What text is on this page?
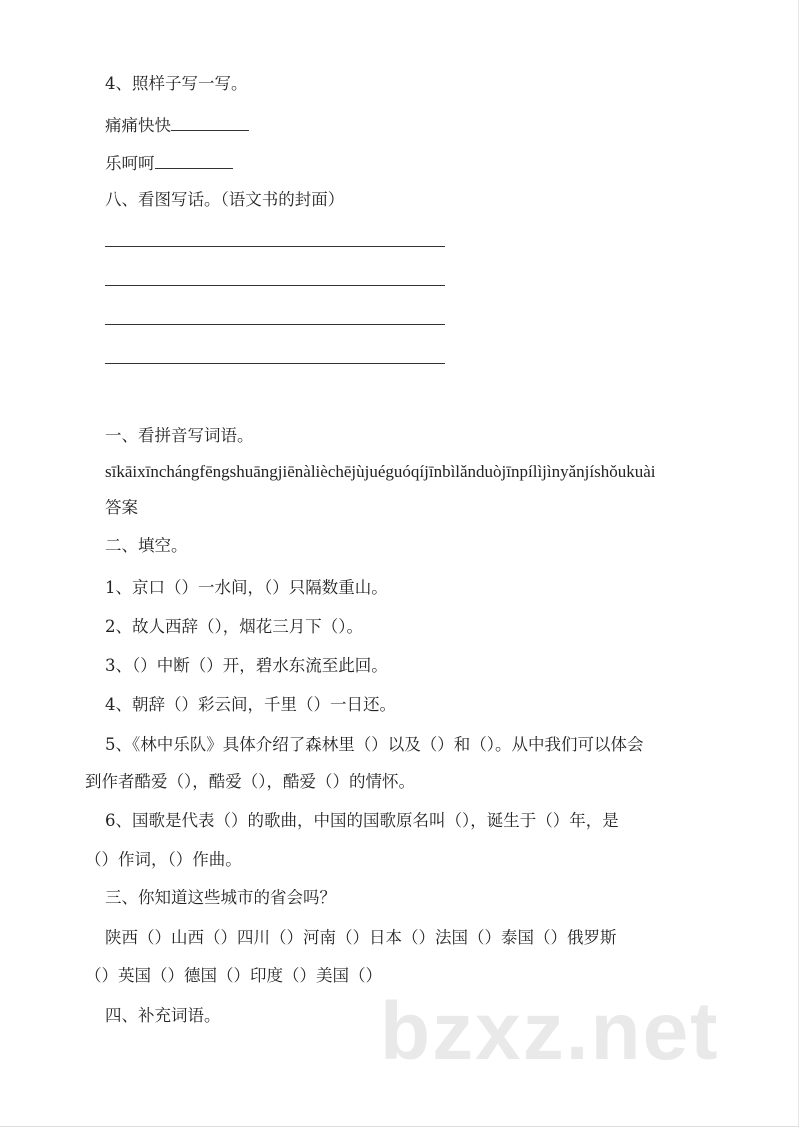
4、照样子写一写。
痛痛快快
乐呵呵
八、看图写话。（语文书的封面）
一、看拼音写词语。
sīkāixīnchángfēngshuāngjiēnàlièchējùjuéguóqíjīnbìlǎnduòjīnpílìjìnyǎnjíshǒukuài
答案
二、填空。
1、京口（）一水间，（）只隔数重山。
2、故人西辞（），烟花三月下（）。
3、（）中断（）开，碧水东流至此回。
4、朝辞（）彩云间，千里（）一日还。
5、《林中乐队》具体介绍了森林里（）以及（）和（）。从中我们可以体会
到作者酷爱（），酷爱（），酷爱（）的情怀。
6、国歌是代表（）的歌曲，中国的国歌原名叫（），诞生于（）年，是
（）作词，（）作曲。
三、你知道这些城市的省会吗？
陕西（）山西（）四川（）河南（）日本（）法国（）泰国（）俄罗斯
（）英国（）德国（）印度（）美国（）
四、补充词语。 bzxz.net
